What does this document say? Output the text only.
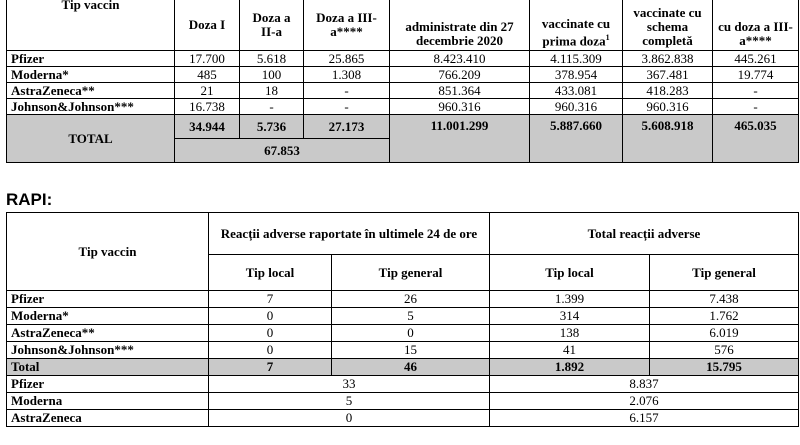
Tip vaccin				administrate din 27 decembrie 2020	vaccinate cu prima doza$^1$	vaccinate cu schema completă	cu doza a III-a****
	Doza I	Doza a II-a	Doza a III-a****				
Pfizer	17.700	5.618	25.865	8.423.410	4.115.309	3.862.838	445.261
Moderna*	485	100	1.308	766.209	378.954	367.481	19.774
AstraZeneca**	21	18	-	851.364	433.081	418.283	-
Johnson&Johnson***	16.738	-	-	960.316	960.316	960.316	-
TOTAL	34.944	5.736	27.173	11.001.299	5.887.660	5.608.918	465.035
	67.853						
RAPI:
Tip vaccin	Reacții adverse raportate în ultimele 24 de ore		Total reacții adverse	
	Tip local	Tip general	Tip local	Tip general
Pfizer	7	26	1.399	7.438
Moderna*	0	5	314	1.762
AstraZeneca**	0	0	138	6.019
Johnson&Johnson***	0	15	41	576
Total	7	46	1.892	15.795
Pfizer	33		8.837	
Moderna	5		2.076	
AstraZeneca	0		6.157	
